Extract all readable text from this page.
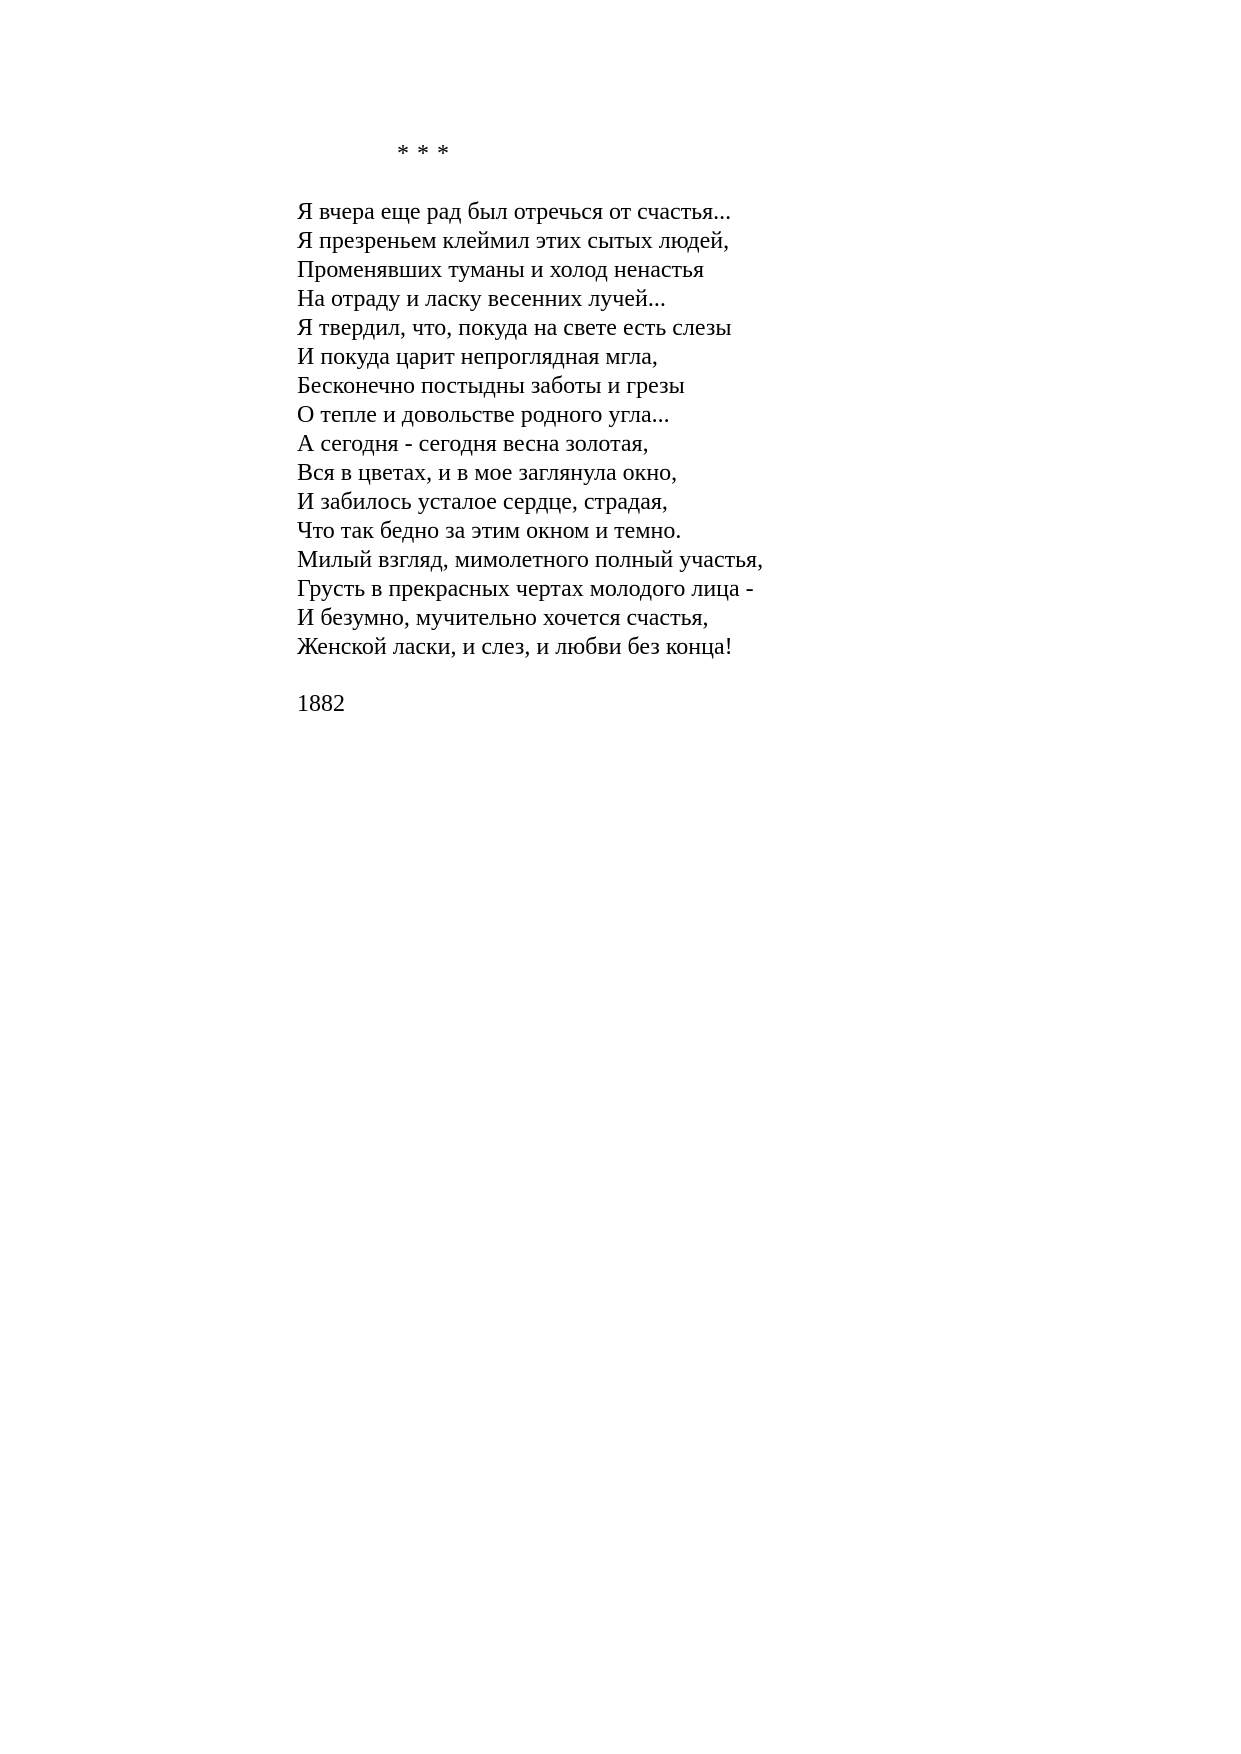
* * *
Я вчера еще рад был отречься от счастья...
Я презреньем клеймил этих сытых людей,
Променявших туманы и холод ненастья
На отраду и ласку весенних лучей...
Я твердил, что, покуда на свете есть слезы
И покуда царит непроглядная мгла,
Бесконечно постыдны заботы и грезы
О тепле и довольстве родного угла...
А сегодня - сегодня весна золотая,
Вся в цветах, и в мое заглянула окно,
И забилось усталое сердце, страдая,
Что так бедно за этим окном и темно.
Милый взгляд, мимолетного полный участья,
Грусть в прекрасных чертах молодого лица -
И безумно, мучительно хочется счастья,
Женской ласки, и слез, и любви без конца!
1882
